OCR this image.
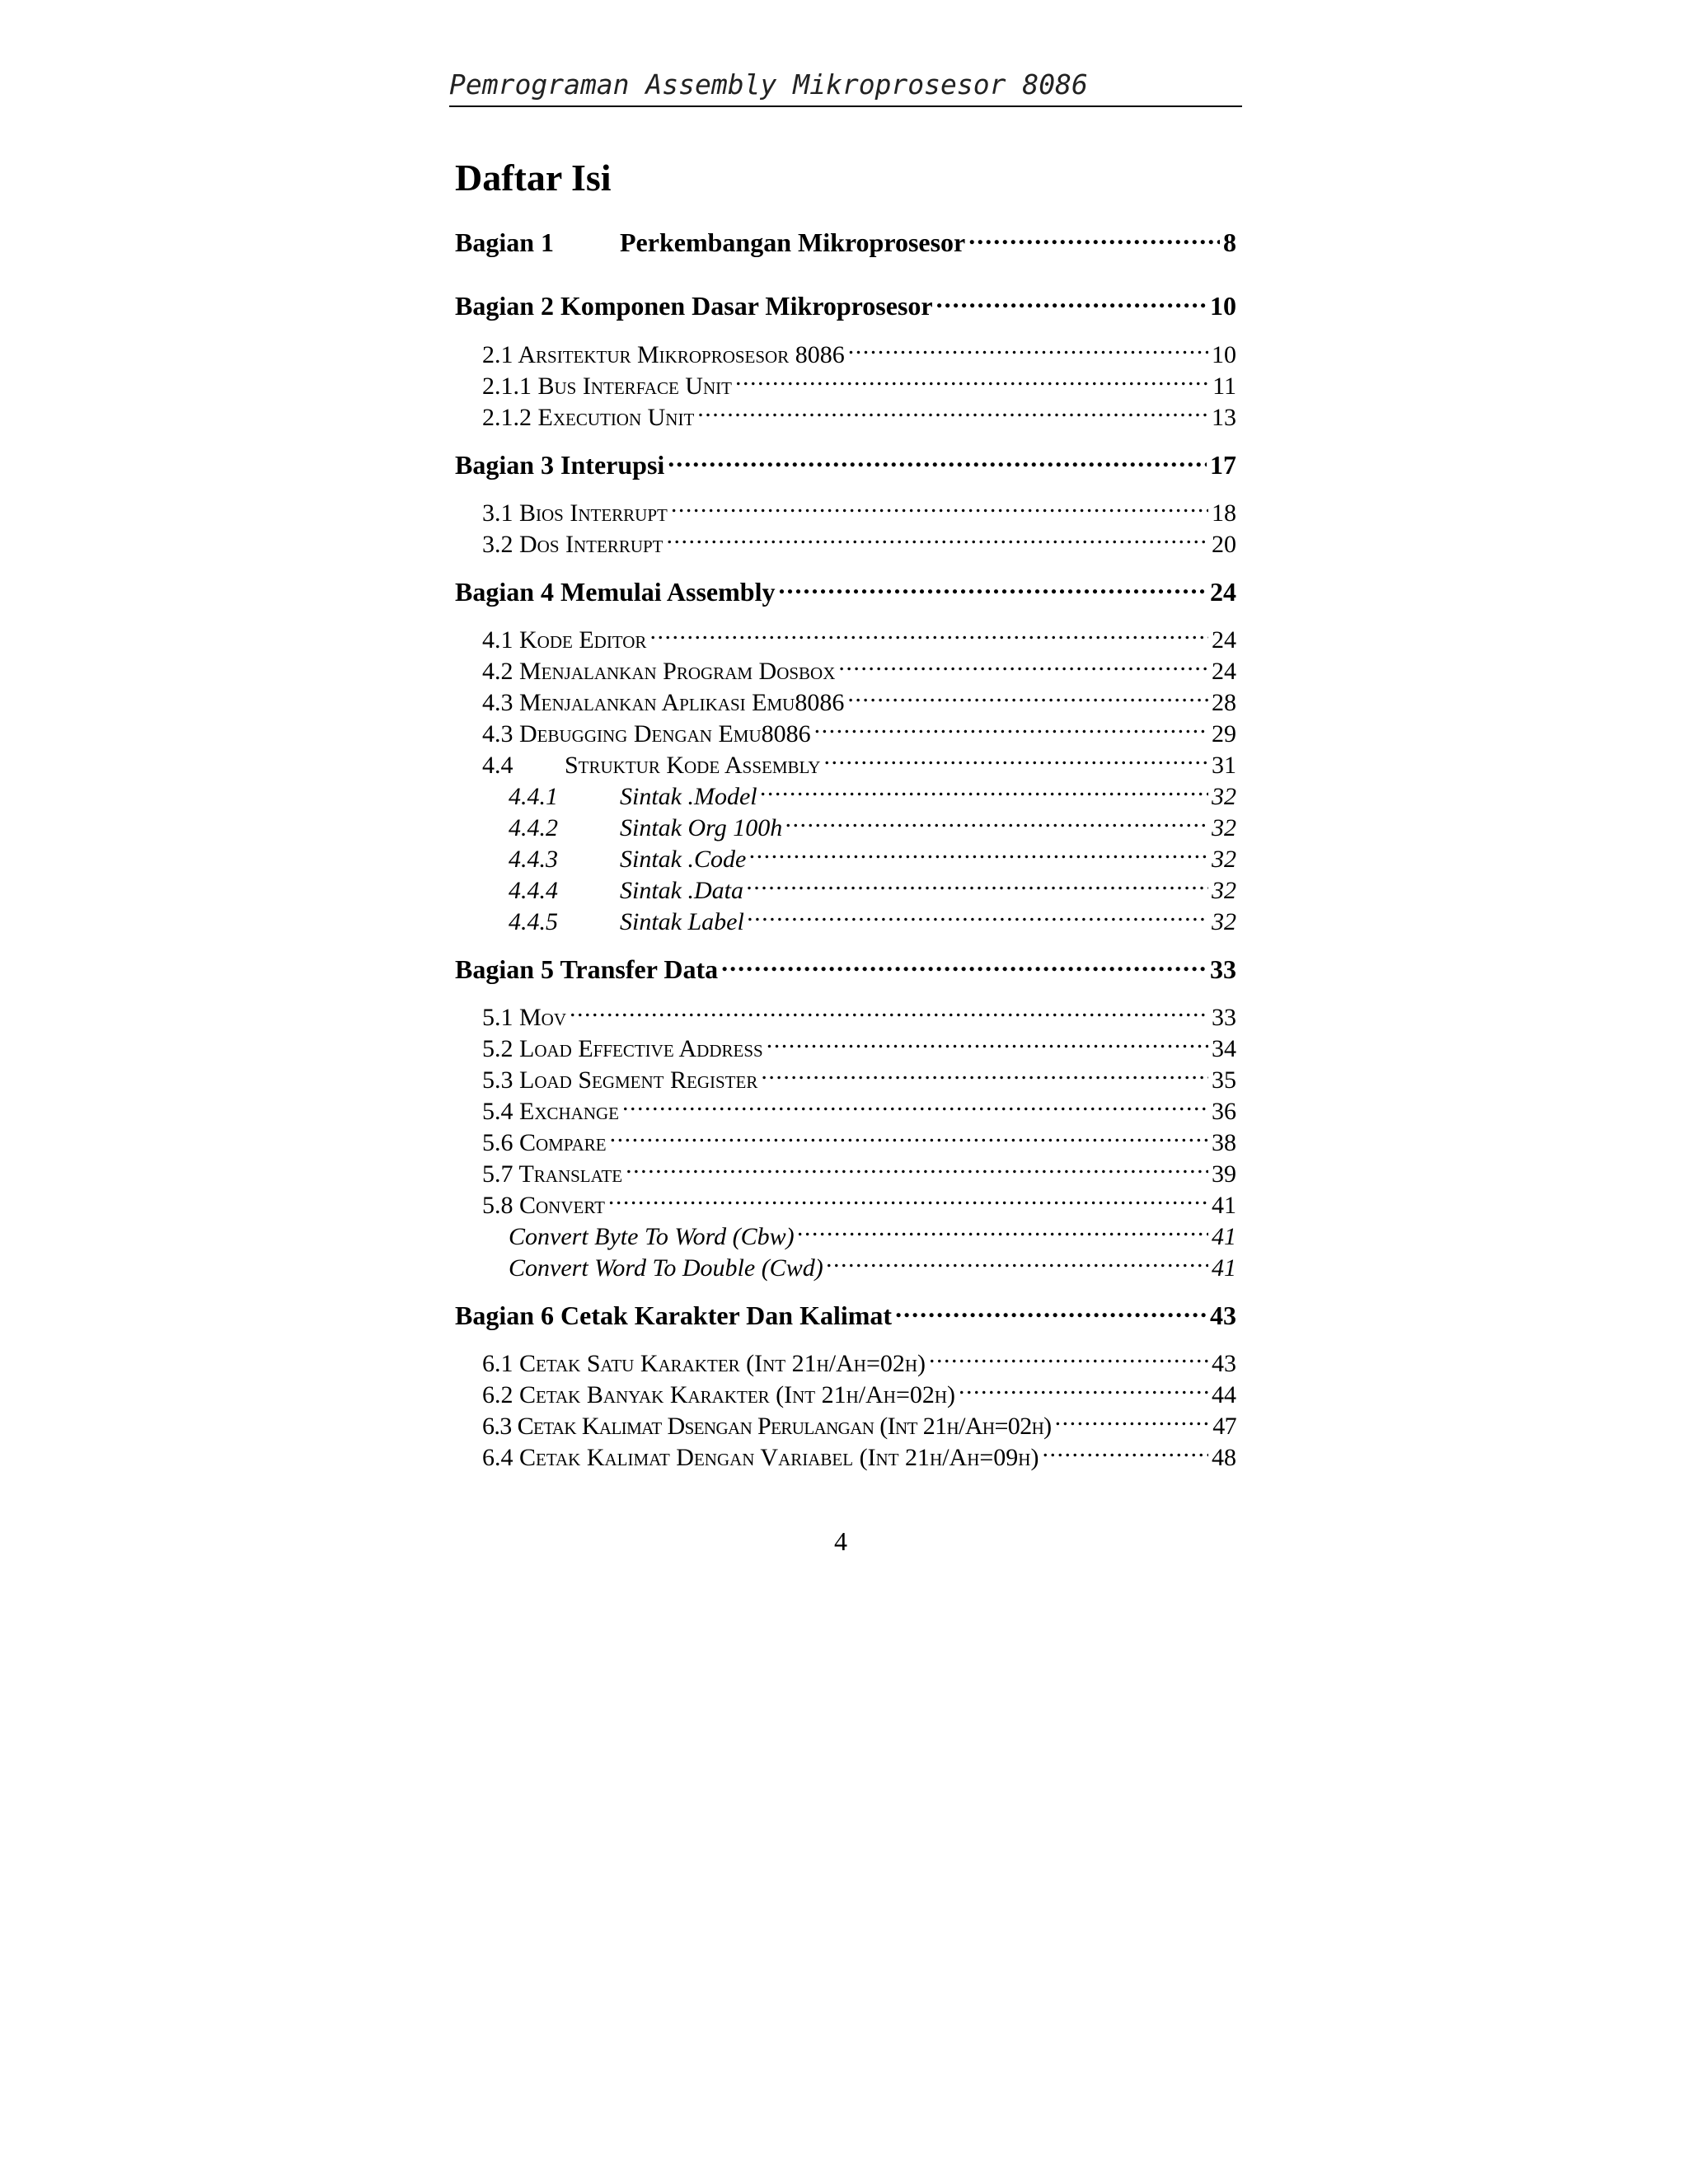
Pemrograman Assembly Mikroprosesor 8086
Daftar Isi
Bagian 1	Perkembangan Mikroprosesor . . .	8
Bagian 2 Komponen Dasar Mikroprosesor . . .	10
2.1 Arsitektur Mikroprosesor 8086 . . .	10
2.1.1 Bus Interface Unit . . .	11
2.1.2 Execution Unit . . .	13
Bagian 3 Interupsi . . .	17
3.1 Bios Interrupt . . .	18
3.2 Dos Interrupt . . .	20
Bagian 4 Memulai Assembly . . .	24
4.1 Kode Editor . . .	24
4.2 Menjalankan Program Dosbox . . .	24
4.3 Menjalankan Aplikasi Emu8086 . . .	28
4.3 Debugging Dengan Emu8086 . . .	29
4.4	Struktur Kode Assembly . . .	31
4.4.1	Sintak .Model . . .	32
4.4.2	Sintak Org 100h . . .	32
4.4.3	Sintak .Code . . .	32
4.4.4	Sintak .Data . . .	32
4.4.5	Sintak Label . . .	32
Bagian 5 Transfer Data . . .	33
5.1 Mov . . .	33
5.2 Load Effective Address . . .	34
5.3 Load Segment Register . . .	35
5.4 Exchange . . .	36
5.6 Compare . . .	38
5.7 Translate . . .	39
5.8 Convert . . .	41
Convert Byte To Word (Cbw) . . .	41
Convert Word To Double (Cwd) . . .	41
Bagian 6 Cetak Karakter Dan Kalimat . . .	43
6.1 Cetak Satu Karakter (Int 21h/Ah=02h) . . .	43
6.2 Cetak Banyak Karakter (Int 21h/Ah=02h) . . .	44
6.3 Cetak Kalimat Dsengan Perulangan (Int 21h/Ah=02h) . . .	47
6.4 Cetak Kalimat Dengan Variabel (Int 21h/Ah=09h) . . .	48
4
